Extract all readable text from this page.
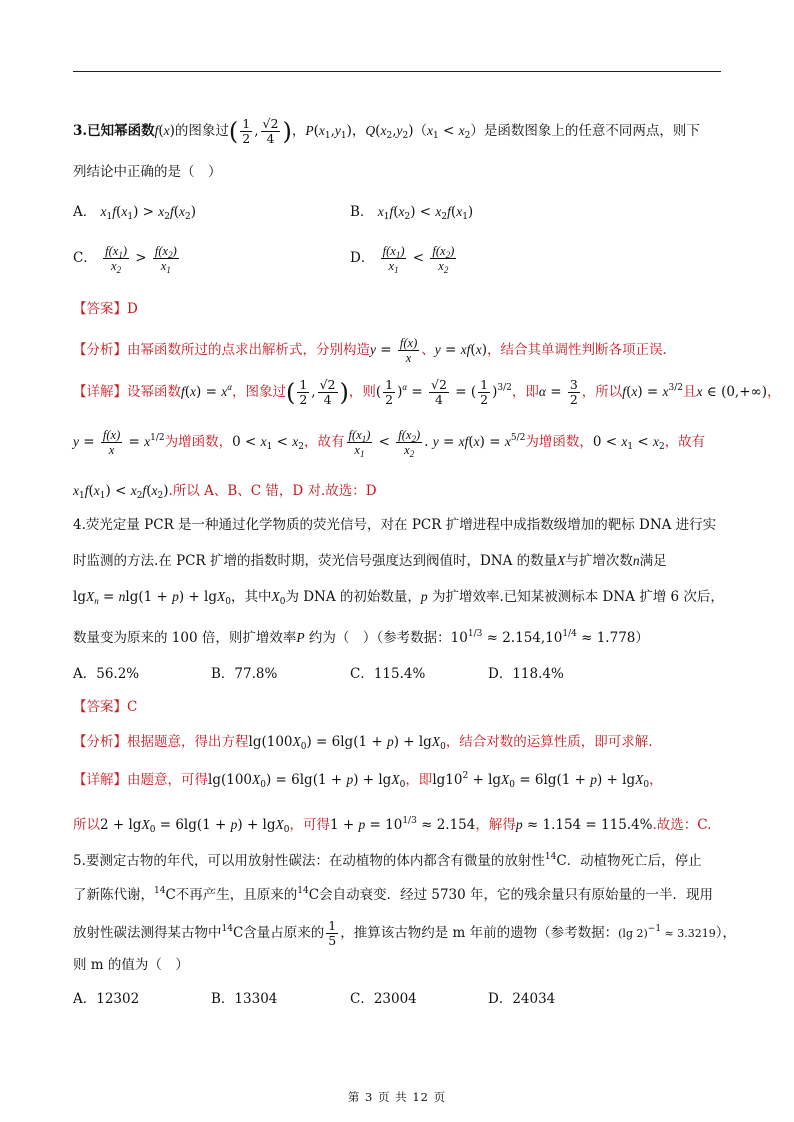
3.已知幂函数f(x)的图象过( $\frac{1}{2}$ , $\frac{√2}{4}$ )，$P(x_1,y_1)$，$Q(x_2,y_2)(x_1 < x_2)$是函数图象上的任意不同两点，则下
列结论中正确的是（　）
A． $x_1f(x_1) > x_2f(x_2)$	B． $x_1f(x_2) < x_2f(x_1)$
C． $\frac{f(x_1)}{x_2} > \frac{f(x_2)}{x_1}$	D． $\frac{f(x_1)}{x_1} < \frac{f(x_2)}{x_2}$
【答案】D
【分析】由幂函数所过的点求出解析式，分别构造$y = \frac{f(x)}{x}$ 、y = xf(x)，结合其单调性判断各项正误.
【详解】设幂函数$f(x) = x^\alpha$，图象过( $\frac{1}{2}$ , $\frac{√2}{4}$ )，则( $\frac{1}{2} )^\alpha = \frac{√2}{4}$ = ( $\frac{1}{2} )^{3/2}$，即$\alpha = \frac{3}{2}$ ，所以$f(x) = x^{3/2}$且x ∈ (0,+∞)，
$y = \frac{f(x)}{x} = x^{1/2}$为增函数，$0 < x_1 < x_2$，故有 $\frac{f(x_1)}{x_1} < \frac{f(x_2)}{x_2}$ . $y = xf(x) = x^{5/2}$为增函数，$0 < x_1 < x_2$，故有
$x_1f(x_1) < x_2f(x_2)$.所以 A、B、C 错，D 对.故选：D
4.荧光定量 PCR 是一种通过化学物质的荧光信号，对在 PCR 扩增进程中成指数级增加的靶标 DNA 进行实
时监测的方法.在 PCR 扩增的指数时期，荧光信号强度达到阀值时，DNA 的数量X与扩增次数n满足
lgX$_n$ = nlg(1 + p) + lgX$_0$，其中$X_0$为 DNA 的初始数量，p 为扩增效率.已知某被测标本 DNA 扩增 6 次后，
数量变为原来的 100 倍，则扩增效率P 约为（　）（参考数据：$10^{1/3} \approx 2.154,10^{1/4} \approx 1.778$）
A．56.2%	B．77.8%	C．115.4%	D．118.4%
【答案】C
【分析】根据题意，得出方程$\lg(100X_0) = 6\lg(1 + p) + \lg X_0$，结合对数的运算性质，即可求解.
【详解】由题意，可得$\lg(100X_0) = 6\lg(1 + p) + \lg X_0$，即$\lg 10^2 + \lg X_0 = 6\lg(1 + p) + \lg X_0$，
所以2 + lgX$_0$ = 6lg(1 + p) + lgX$_0$，可得$1 + p = 10^{1/3} \approx 2.154$，解得p ≈ 1.154 = 115.4%.故选：C.
5.要测定古物的年代，可以用放射性碳法：在动植物的体内都含有微量的放射性$^{14}$C．动植物死亡后，停止
了新陈代谢，$^{14}$C不再产生，且原来的$^{14}$C会自动衰变．经过 5730 年，它的残余量只有原始量的一半．现用
放射性碳法测得某古物中$^{14}$C含量占原来的 $\frac{1}{5}$ ，推算该古物约是 m 年前的遗物（参考数据：(lg 2)$^{-1}$ ≈ 3.3219），
则 m 的值为（　）
A．12302	B．13304	C．23004	D．24034
第 3 页 共 12 页
